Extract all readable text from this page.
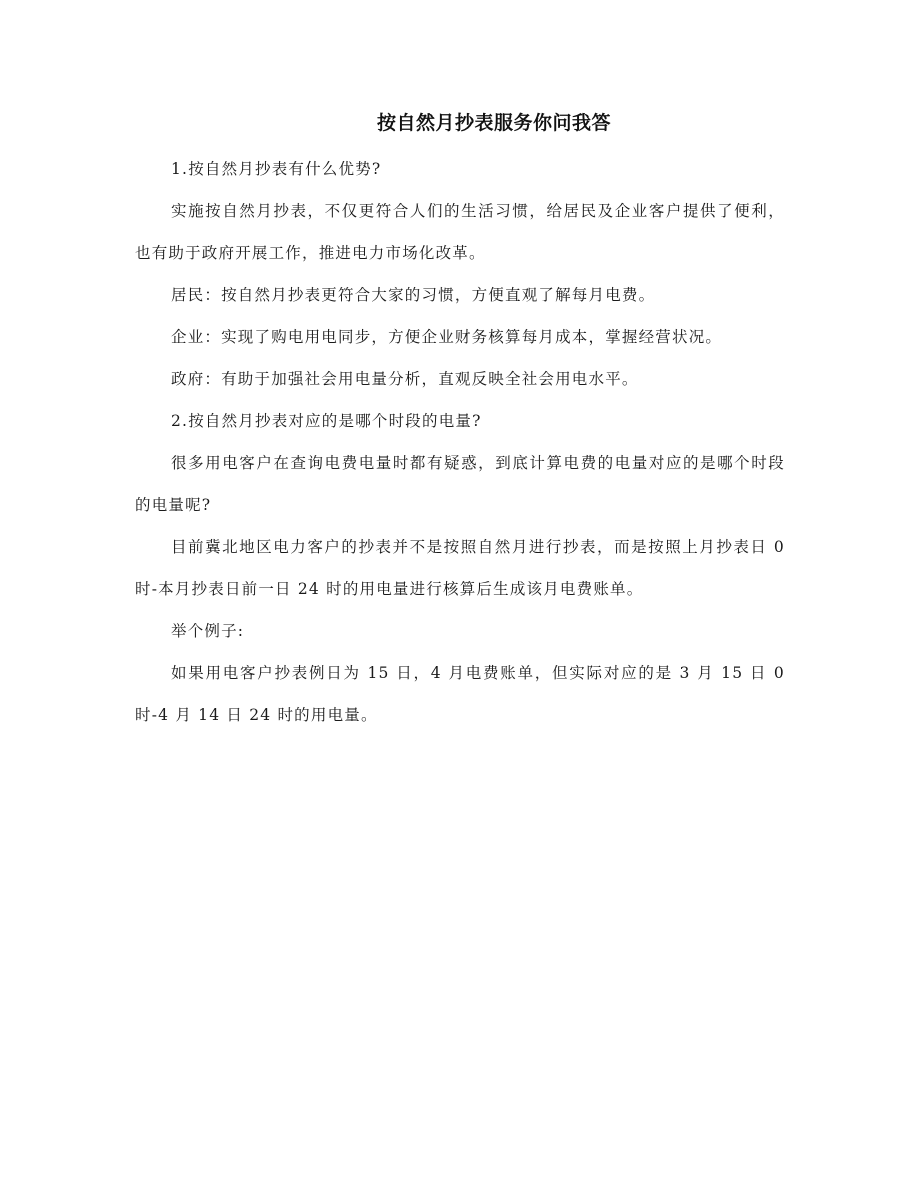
按自然月抄表服务你问我答

1.按自然月抄表有什么优势?

实施按自然月抄表，不仅更符合人们的生活习惯，给居民及企业客户提供了便利，也有助于政府开展工作，推进电力市场化改革。

居民：按自然月抄表更符合大家的习惯，方便直观了解每月电费。

企业：实现了购电用电同步，方便企业财务核算每月成本，掌握经营状况。

政府：有助于加强社会用电量分析，直观反映全社会用电水平。

2.按自然月抄表对应的是哪个时段的电量?

很多用电客户在查询电费电量时都有疑惑，到底计算电费的电量对应的是哪个时段的电量呢?

目前冀北地区电力客户的抄表并不是按照自然月进行抄表，而是按照上月抄表日 0 时-本月抄表日前一日 24 时的用电量进行核算后生成该月电费账单。

举个例子:

如果用电客户抄表例日为 15 日，4 月电费账单，但实际对应的是 3 月 15 日 0 时-4 月 14 日 24 时的用电量。
